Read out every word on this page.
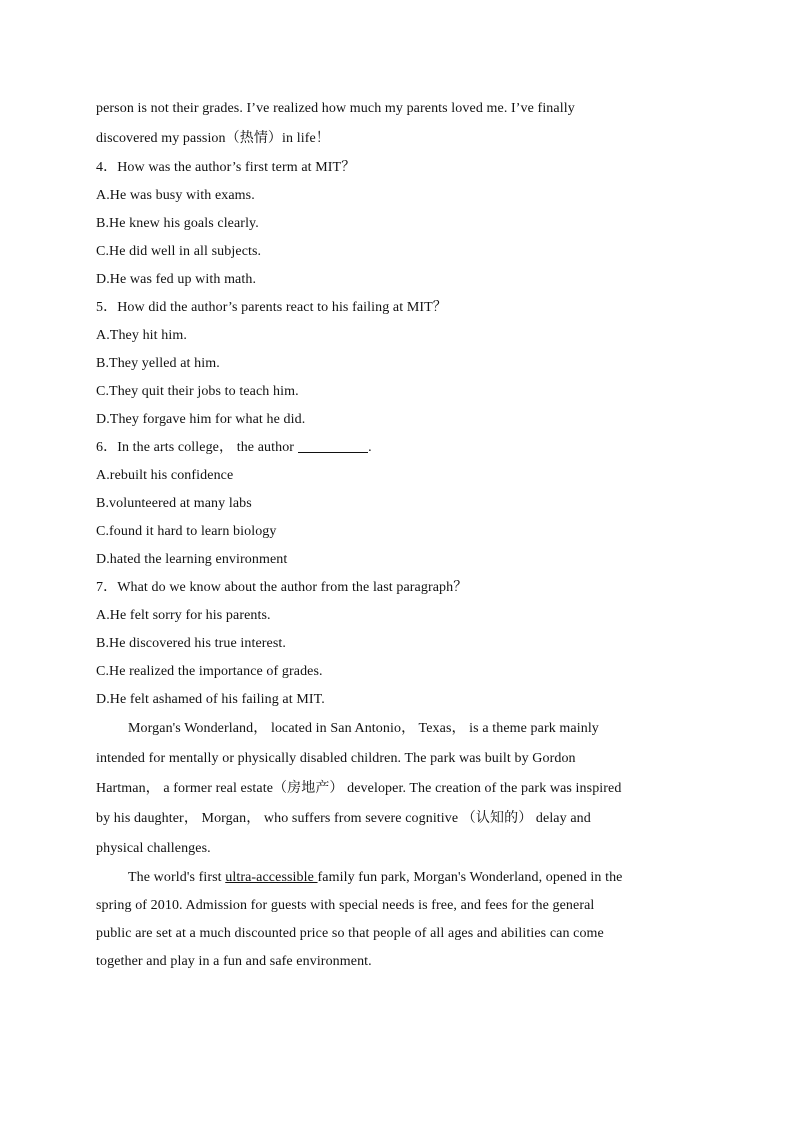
person is not their grades. I’ve realized how much my parents loved me. I’ve finally
discovered my passion（热情）in life！
4．How was the author’s first term at MIT？
A.He was busy with exams.
B.He knew his goals clearly.
C.He did well in all subjects.
D.He was fed up with math.
5．How did the author’s parents react to his failing at MIT？
A.They hit him.
B.They yelled at him.
C.They quit their jobs to teach him.
D.They forgave him for what he did.
6．In the arts college， the author	.
A.rebuilt his confidence
B.volunteered at many labs
C.found it hard to learn biology
D.hated the learning environment
7．What do we know about the author from the last paragraph？
A.He felt sorry for his parents.
B.He discovered his true interest.
C.He realized the importance of grades.
D.He felt ashamed of his failing at MIT.
Morgan's Wonderland， located in San Antonio， Texas， is a theme park mainly
intended for mentally or physically disabled children. The park was built by Gordon
Hartman， a former real estate（房地产） developer. The creation of the park was inspired
by his daughter， Morgan， who suffers from severe cognitive （认知的） delay and
physical challenges.
The world's first ultra-accessible family fun park, Morgan's Wonderland, opened in the
spring of 2010. Admission for guests with special needs is free, and fees for the general
public are set at a much discounted price so that people of all ages and abilities can come
together and play in a fun and safe environment.
